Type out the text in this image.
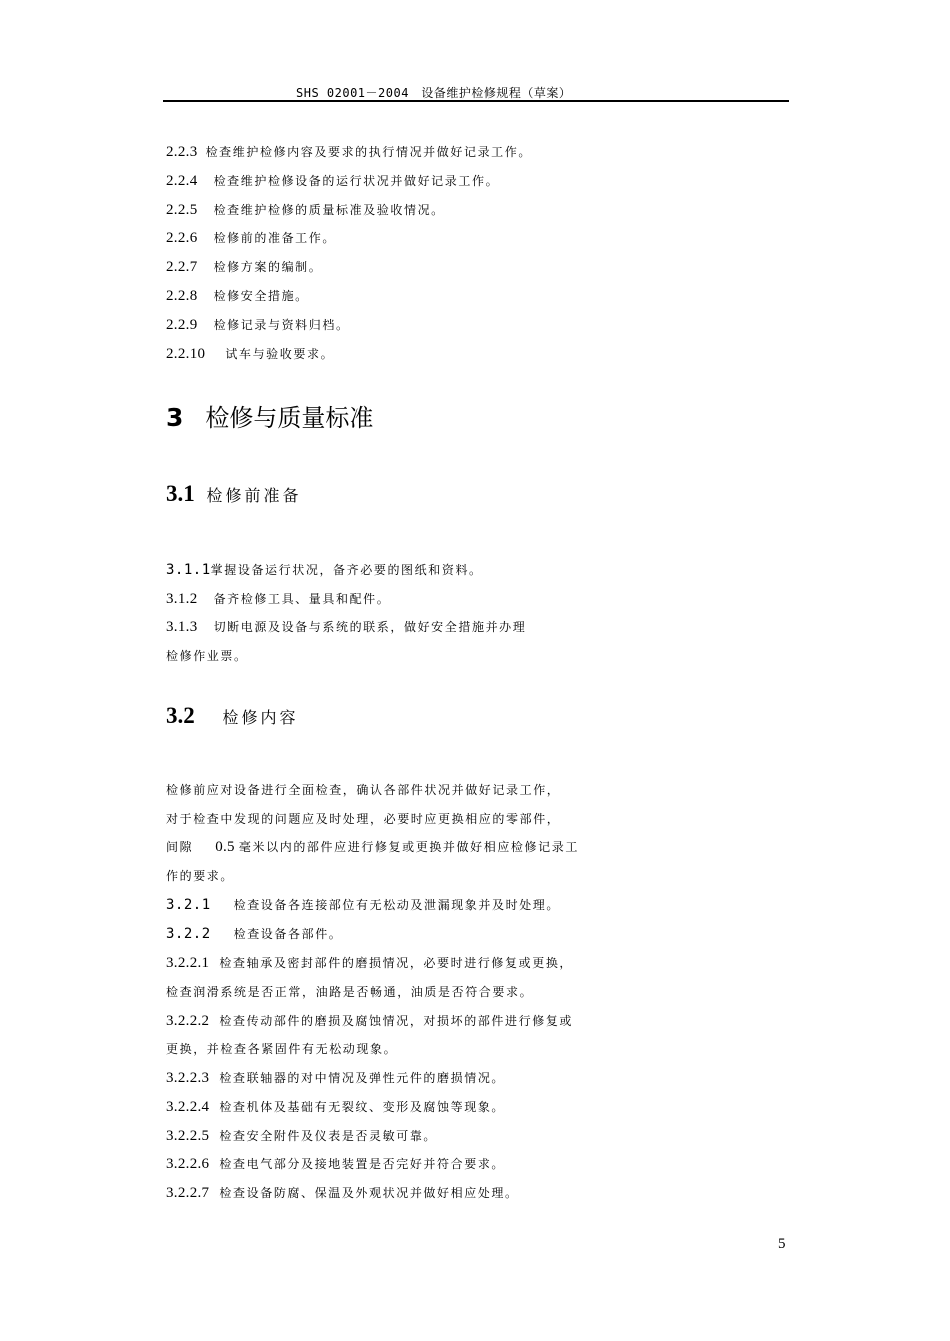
SHS 02001－2004　设备维护检修规程（草案）
2.2.3 检查维护检修内容及要求的执行情况并做好记录工作。
2.2.4 检查维护检修设备的运行状况并做好记录工作。
2.2.5 检查维护检修的质量标准及验收情况。
2.2.6 检修前的准备工作。
2.2.7 检修方案的编制。
2.2.8 检修安全措施。
2.2.9 检修记录与资料归档。
2.2.10 试车与验收要求。
3 检修与质量标准
3.1 检修前准备
3.1.1掌握设备运行状况，备齐必要的图纸和资料。
3.1.2 备齐检修工具、量具和配件。
3.1.3 切断电源及设备与系统的联系，做好安全措施并办理
检修作业票。
3.2 检修内容
检修前应对设备进行全面检查，确认各部件状况并做好记录工作，
对于检查中发现的问题应及时处理，必要时应更换相应的零部件，
间隙 0.5 毫米以内的部件应进行修复或更换并做好相应检修记录工
作的要求。
3.2.1 检查设备各连接部位有无松动及泄漏现象并及时处理。
3.2.2 检查设备各部件。
3.2.2.1 检查轴承及密封部件的磨损情况，必要时进行修复或更换，
检查润滑系统是否正常，油路是否畅通，油质是否符合要求。
3.2.2.2 检查传动部件的磨损及腐蚀情况，对损坏的部件进行修复或
更换，并检查各紧固件有无松动现象。
3.2.2.3 检查联轴器的对中情况及弹性元件的磨损情况。
3.2.2.4 检查机体及基础有无裂纹、变形及腐蚀等现象。
3.2.2.5 检查安全附件及仪表是否灵敏可靠。
3.2.2.6 检查电气部分及接地装置是否完好并符合要求。
3.2.2.7 检查设备防腐、保温及外观状况并做好相应处理。
5
